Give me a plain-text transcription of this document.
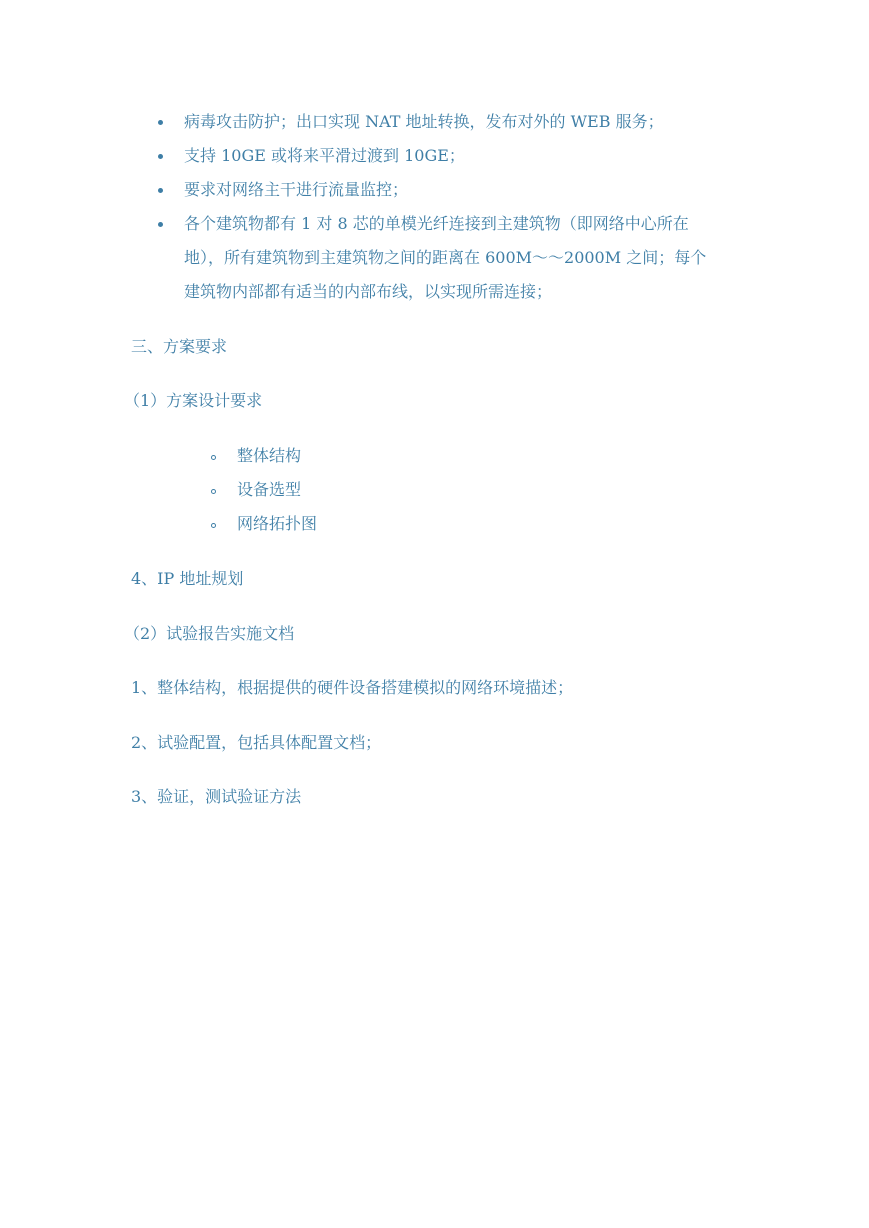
病毒攻击防护；出口实现 NAT 地址转换，发布对外的 WEB 服务；
支持 10GE 或将来平滑过渡到 10GE；
要求对网络主干进行流量监控；
各个建筑物都有 1 对 8 芯的单模光纤连接到主建筑物（即网络中心所在
地），所有建筑物到主建筑物之间的距离在 600M～～2000M 之间；每个
建筑物内部都有适当的内部布线，以实现所需连接；
三、方案要求
（1）方案设计要求
整体结构
设备选型
网络拓扑图
4、IP 地址规划
（2）试验报告实施文档
1、整体结构，根据提供的硬件设备搭建模拟的网络环境描述；
2、试验配置，包括具体配置文档；
3、验证，测试验证方法
